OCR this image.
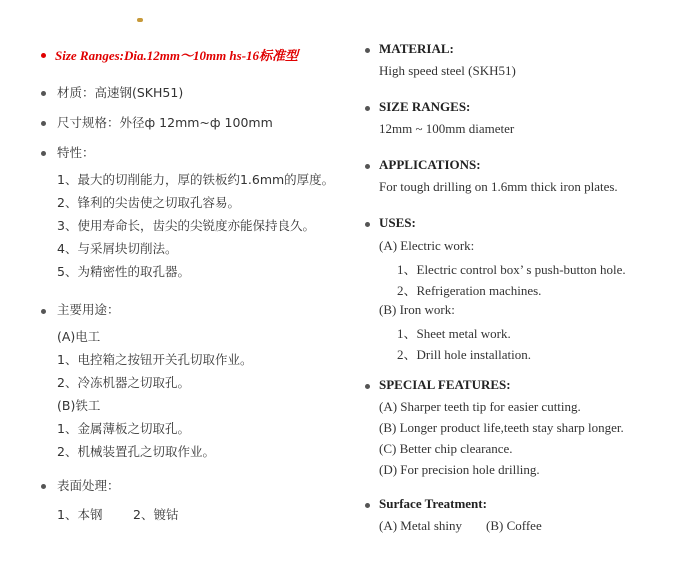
Size Ranges:Dia.12mm～10mm hs-16标准型
材质：高速钢(SKH51)
尺寸规格：外径ф 12mm~ф 100mm
特性：
1、最大的切削能力，厚的铁板约1.6mm的厚度。
2、锋利的尖齿使之切取孔容易。
3、使用寿命长，齿尖的尖锐度亦能保持良久。
4、与采屑块切削法。
5、为精密性的取孔器。
主要用途：
(A)电工
1、电控箱之按钮开关孔切取作业。
2、冷冻机器之切取孔。
(B)铁工
1、金属薄板之切取孔。
2、机械装置孔之切取作业。
表面处理：
1、本钢 2、镀钴
MATERIAL:
High speed steel (SKH51)
SIZE RANGES:
12mm ~ 100mm diameter
APPLICATIONS:
For tough drilling on 1.6mm thick iron plates.
USES:
(A) Electric work:
1、Electric control box’ s push-button hole.
2、Refrigeration machines.
(B) Iron work:
1、Sheet metal work.
2、Drill hole installation.
SPECIAL FEATURES:
(A) Sharper teeth tip for easier cutting.
(B) Longer product life,teeth stay sharp longer.
(C) Better chip clearance.
(D) For precision hole drilling.
Surface Treatment:
(A) Metal shiny (B) Coffee
